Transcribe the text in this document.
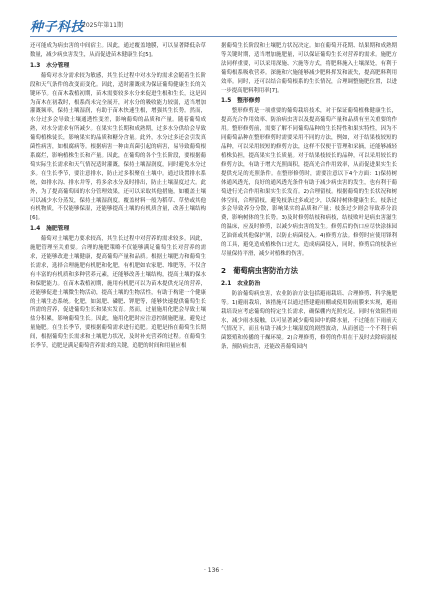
种子科技
2025年第11期

还可能成为病虫害的中间宿主。因此，通过覆盖地膜，可以显著降低杂草数量，减少病虫害发生，从而促进苗木健康生长[5]。

1.3　水分管理

葡萄对水分需求较为敏感，其生长过程中对水分的需求会随着生长阶段和天气条件的改变而变化。因此，适时灌溉成为保证葡萄健康生长的关键环节。在苗木栽植初期，苗木需要较多水分来促进生根和生长，这是因为苗木在初栽时，根系尚未完全展开，对水分的吸收能力较弱，适当增加灌溉频率，保持土壤湿润，有助于苗木快速生根，增强其生长势。然而，水分过多会导致土壤通透性变差，影响葡萄的品质和产量。随着葡萄成熟，对水分需求有所减少。在果实生长期和成熟期，过多水分供给会导致葡萄植株徒长，影响果实的品质和糖分含量。此外，水分过多还会引发真菌性病害，如根腐病等。根据病害一种由真菌引起的病害，易导致葡萄根系腐烂，影响植株生长和产量。因此，在葡萄的各个生长阶段，要根据葡萄实际生长需求和天气情况适时灌溉，保持土壤湿润度，同时避免水分过多。在生长季节，要注意排水，防止过多积聚在土壤中。通过设置排水系统，如排水沟、排水井等，将多余水分及时排出，防止土壤湿度过大。此外，为了提高葡萄园的水分管理效果，还可以采取其他措施，如覆盖土壤可以减少水分蒸发，保持土壤湿润度。覆盖材料一般为稻草、草垫或其他有机物质，不仅能够保湿，还能够提高土壤的有机质含量，改善土壤结构[6]。

1.4　施肥管理

葡萄对土壤肥力要求较高，其生长过程中对营养的需求较多。因此，施肥管理至关重要。合理的施肥策略不仅能够满足葡萄生长对营养的需求，还能够改进土壤健康，提高葡萄产量和品质。根据土壤肥力和葡萄生长需求，选择合理施肥有机肥和化肥，有机肥如农家肥、堆肥等，不仅含有丰富的有机质和多种营养元素，还能够改善土壤结构，提高土壤的保水和保肥能力。在苗木栽植初期，施用有机肥可以为苗木提供充足的营养，还能够促进土壤微生物活动，提高土壤的生物活性，有助于构建一个健康的土壤生态系统。化肥，如氮肥、磷肥、钾肥等，能够快速提供葡萄生长所需的营养，促进葡萄生长和果实发育。然而，过量施用化肥会导致土壤盐分积累，影响葡萄生长。因此，施用化肥时应注意控制施肥量，避免过量施肥。在生长季节，要根据葡萄需求进行追肥。追肥是指在葡萄生长期间，根据葡萄生长需求和土壤肥力状况，及时补充营养的过程。在葡萄生长季节，追肥是满足葡萄营养需求的关键，追肥的时间和用量应根

据葡萄生长阶段和土壤肥力状况决定。如在葡萄开花期、结果期和成熟期等关键时期，适当增加施肥量，可以保证葡萄生长对营养的需求。施肥方法同样重要，可以采用深施、穴施等方式，将肥料施入土壤深处，有利于葡萄根系吸收营养。深施和穴施能够减少肥料挥发和流失，提高肥料利用效率。同时，还可以结合葡萄根系的生长情况，合理调整施肥位置，以进一步提高肥料利用率[7]。

1.5　整形修剪

整形修剪是一项重要的葡萄栽培技术，对于保证葡萄植株健康生长，提高光合作用效率、防治病虫害以及提高葡萄产量和品质有至关重要的作用。整形修剪前，需要了解不同葡萄品种的生长特性和果实特性，因为不同葡萄品种在整形修剪时需要采用不同的方法，例如，对于结果枝较短的品种，可以采用较短的修剪方法，这样不仅便于管理和采摘，还能够减轻植株负担，提高果实生长质量。对于结果枝较长的品种，可以采用较长的修剪方法，有助于增大光照面积，提高光合作用效率，从而促进果实生长提供充足的光照条件。在整形修剪时，需要注意以下4个方面：1)保持树体通风透光，良好的通风透光条件有助于减少病虫害的发生，也有利于葡萄进行光合作用和果实生长发育。2)合理留枝。根据葡萄的生长状况和树体空间，合理留枝，避免枝条过多或过少，以保持树体健康生长。枝条过多会导致养分分散，影响果实的品质和产量；枝条过少则会导致养分浪费，影响树体的生长势。3)及时修剪结枝和病枝，结枝败叶是病虫害滋生的温床，应及时修剪，以减少病虫害的发生。修剪后的伤口应尽快涂抹园艺油膏或其他保护剂，以防止病菌侵入。4)修剪方法。修剪时应使用锋利的工具，避免造成植株伤口过大，造成病菌侵入，同时，修剪后的枝条应尽量保持平滑，减少对植株的伤害。

2　葡萄病虫害防治方法
2.1　农业防治

防治葡萄病虫害，农业防治方法包括避雨栽培、合理修剪、科学施肥等。1)避雨栽培，该措施可以通过搭建避雨棚或使用防雨膜来实现，避雨栽培设应考虑葡萄的特定生长需求，确保棚内光照充足，同时有效阻挡雨水，减少雨水接触，以可显著减少葡萄园中的降水量，不过能在下雨前天气情况下，而且有助于减少土壤湿度的剧烈波动，从而创造一个不利于病菌繁殖和传播的干燥环境。2)合理修剪，修剪的作用在于及时去除病弱枝条，预防病虫害，还能改善葡萄园内

· 136 ·
